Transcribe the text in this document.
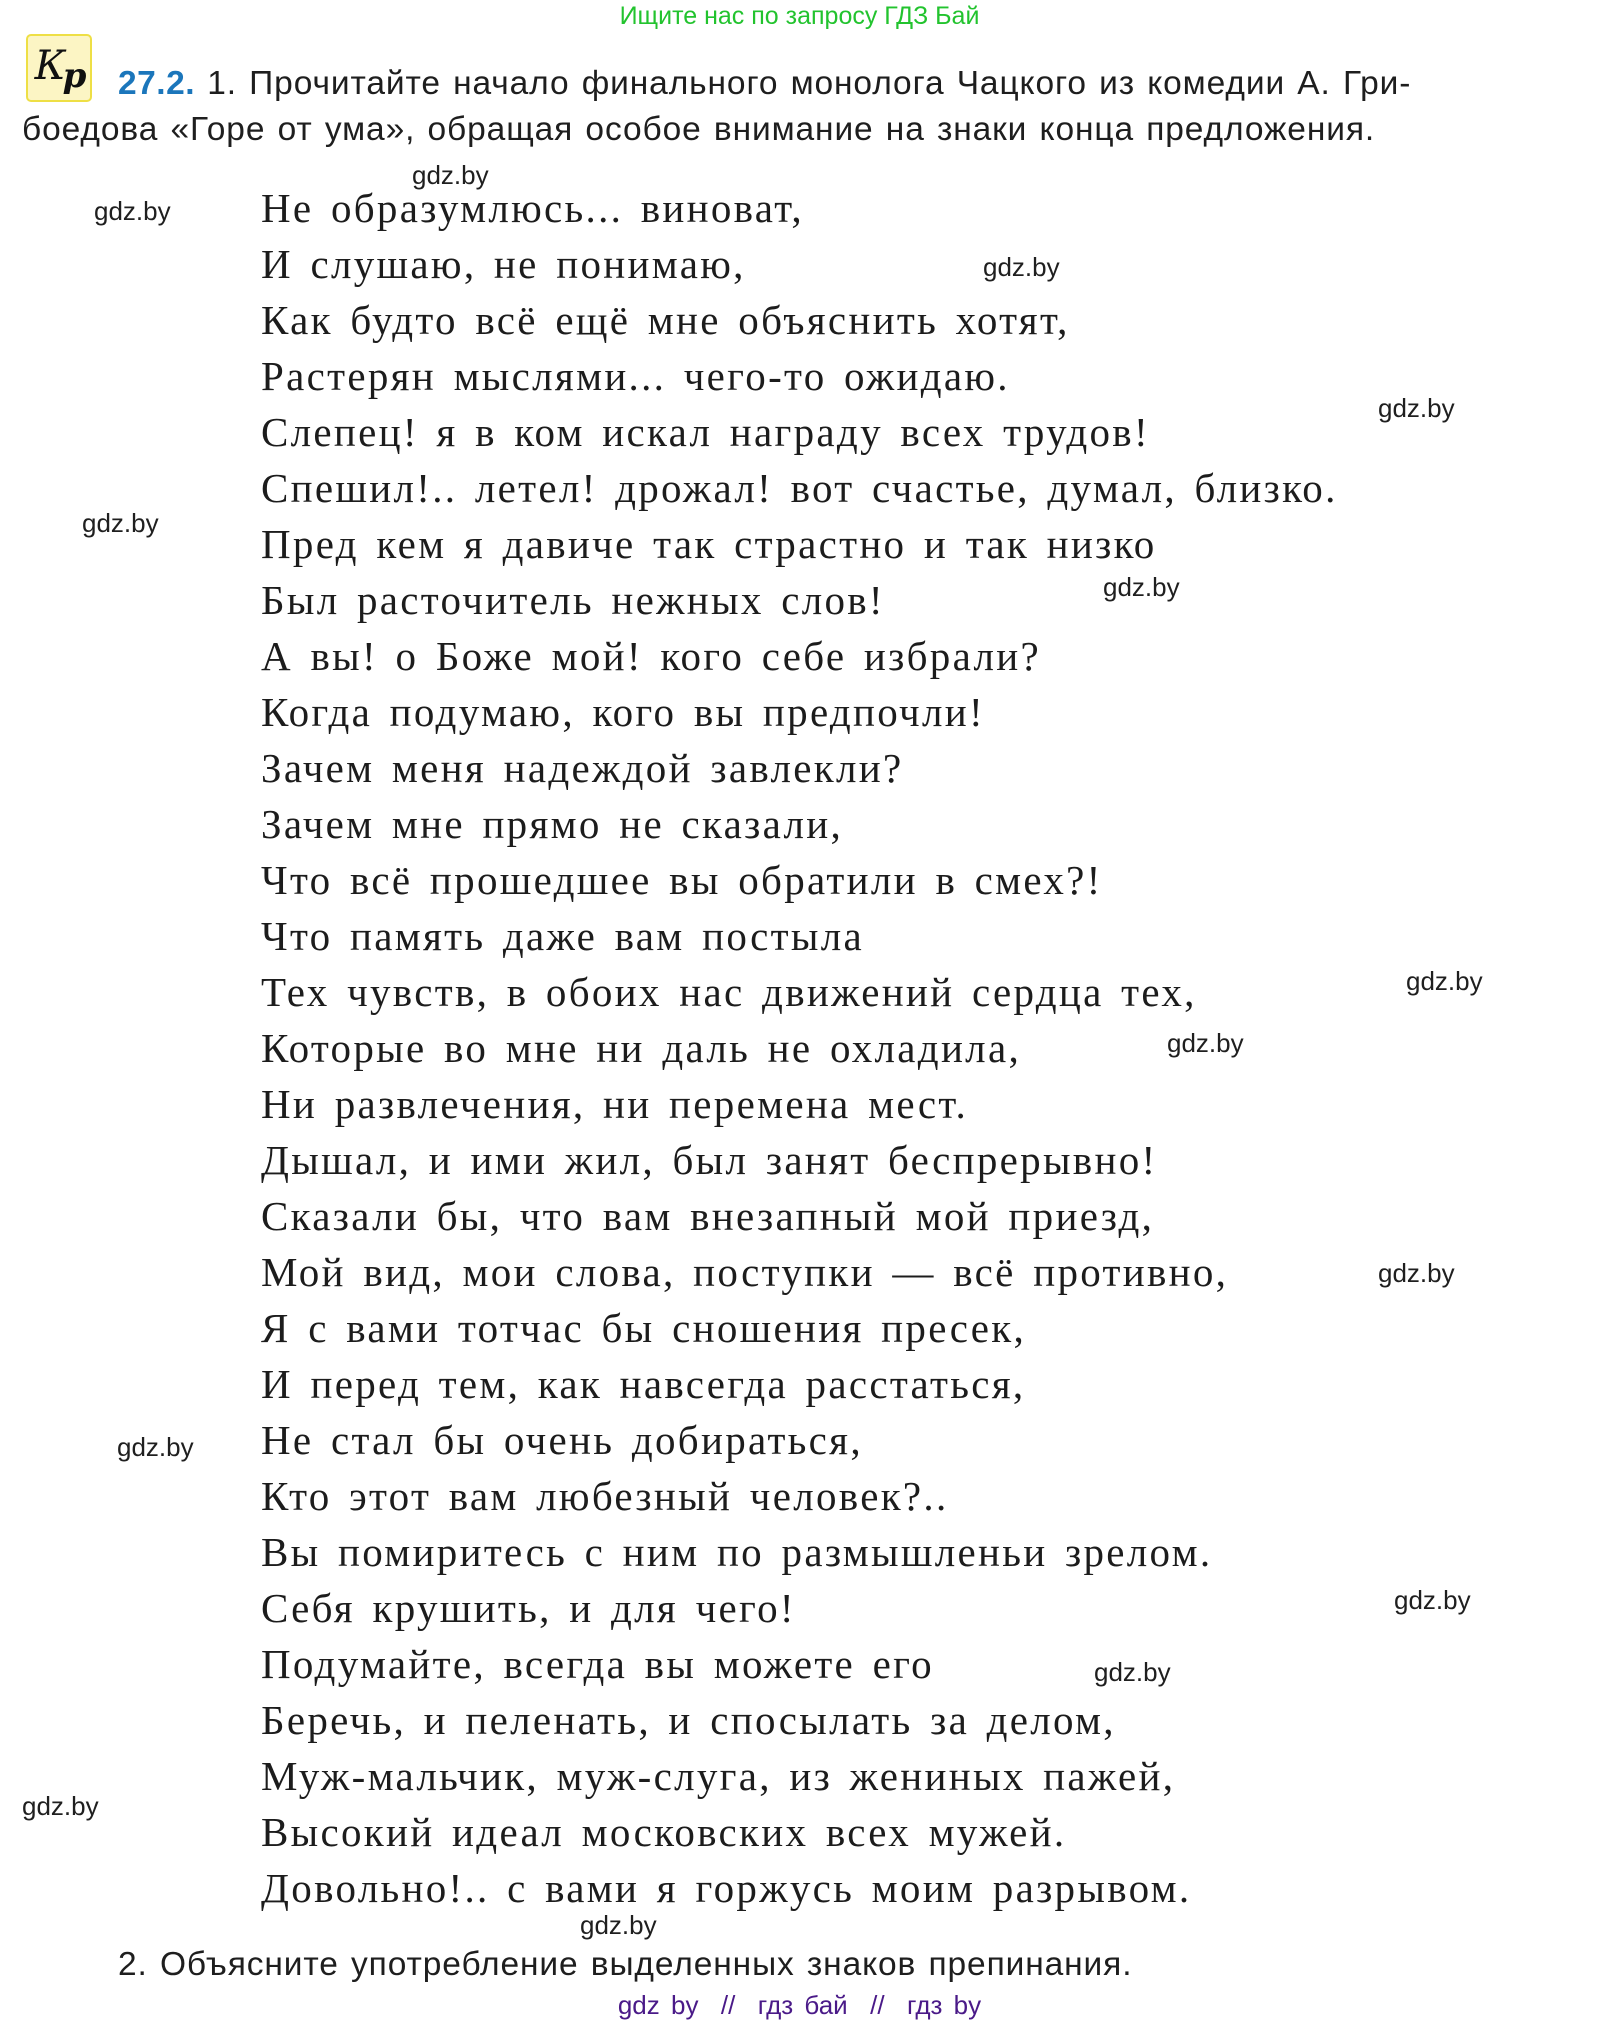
Ищите нас по запросу ГДЗ Бай
$К_р$ 27.2. 1. Прочитайте начало финального монолога Чацкого из комедии А. Гри-
боедова «Горе от ума», обращая особое внимание на знаки конца предложения.
Не образумлюсь... виноват,
И слушаю, не понимаю,
Как будто всё ещё мне объяснить хотят,
Растерян мыслями... чего-то ожидаю.
Слепец! я в ком искал награду всех трудов!
Спешил!.. летел! дрожал! вот счастье, думал, близко.
Пред кем я давиче так страстно и так низко
Был расточитель нежных слов!
А вы! о Боже мой! кого себе избрали?
Когда подумаю, кого вы предпочли!
Зачем меня надеждой завлекли?
Зачем мне прямо не сказали,
Что всё прошедшее вы обратили в смех?!
Что память даже вам постыла
Тех чувств, в обоих нас движений сердца тех,
Которые во мне ни даль не охладила,
Ни развлечения, ни перемена мест.
Дышал, и ими жил, был занят беспрерывно!
Сказали бы, что вам внезапный мой приезд,
Мой вид, мои слова, поступки — всё противно,
Я с вами тотчас бы сношения пресек,
И перед тем, как навсегда расстаться,
Не стал бы очень добираться,
Кто этот вам любезный человек?..
Вы помиритесь с ним по размышленьи зрелом.
Себя крушить, и для чего!
Подумайте, всегда вы можете его
Беречь, и пеленать, и спосылать за делом,
Муж-мальчик, муж-слуга, из жениных пажей,
Высокий идеал московских всех мужей.
Довольно!.. с вами я горжусь моим разрывом.
gdz.by
gdz.by
gdz.by
gdz.by
gdz.by
gdz.by
gdz.by
gdz.by
gdz.by
gdz.by
gdz.by
gdz.by
gdz.by
gdz.by
2. Объясните употребление выделенных знаков препинания.
gdz by  //  гдз бай  //  гдз by
